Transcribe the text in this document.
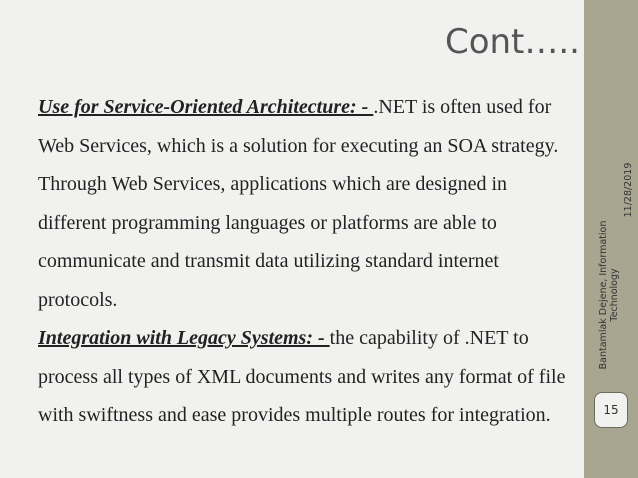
Cont…..

Use for Service-Oriented Architecture: - .NET is often used for Web Services, which is a solution for executing an SOA strategy. Through Web Services, applications which are designed in different programming languages or platforms are able to communicate and transmit data utilizing standard internet protocols.

Integration with Legacy Systems: - the capability of .NET to process all types of XML documents and writes any format of file with swiftness and ease provides multiple routes for integration.

11/28/2019
Bantamlak Dejene, Information Technology
15
